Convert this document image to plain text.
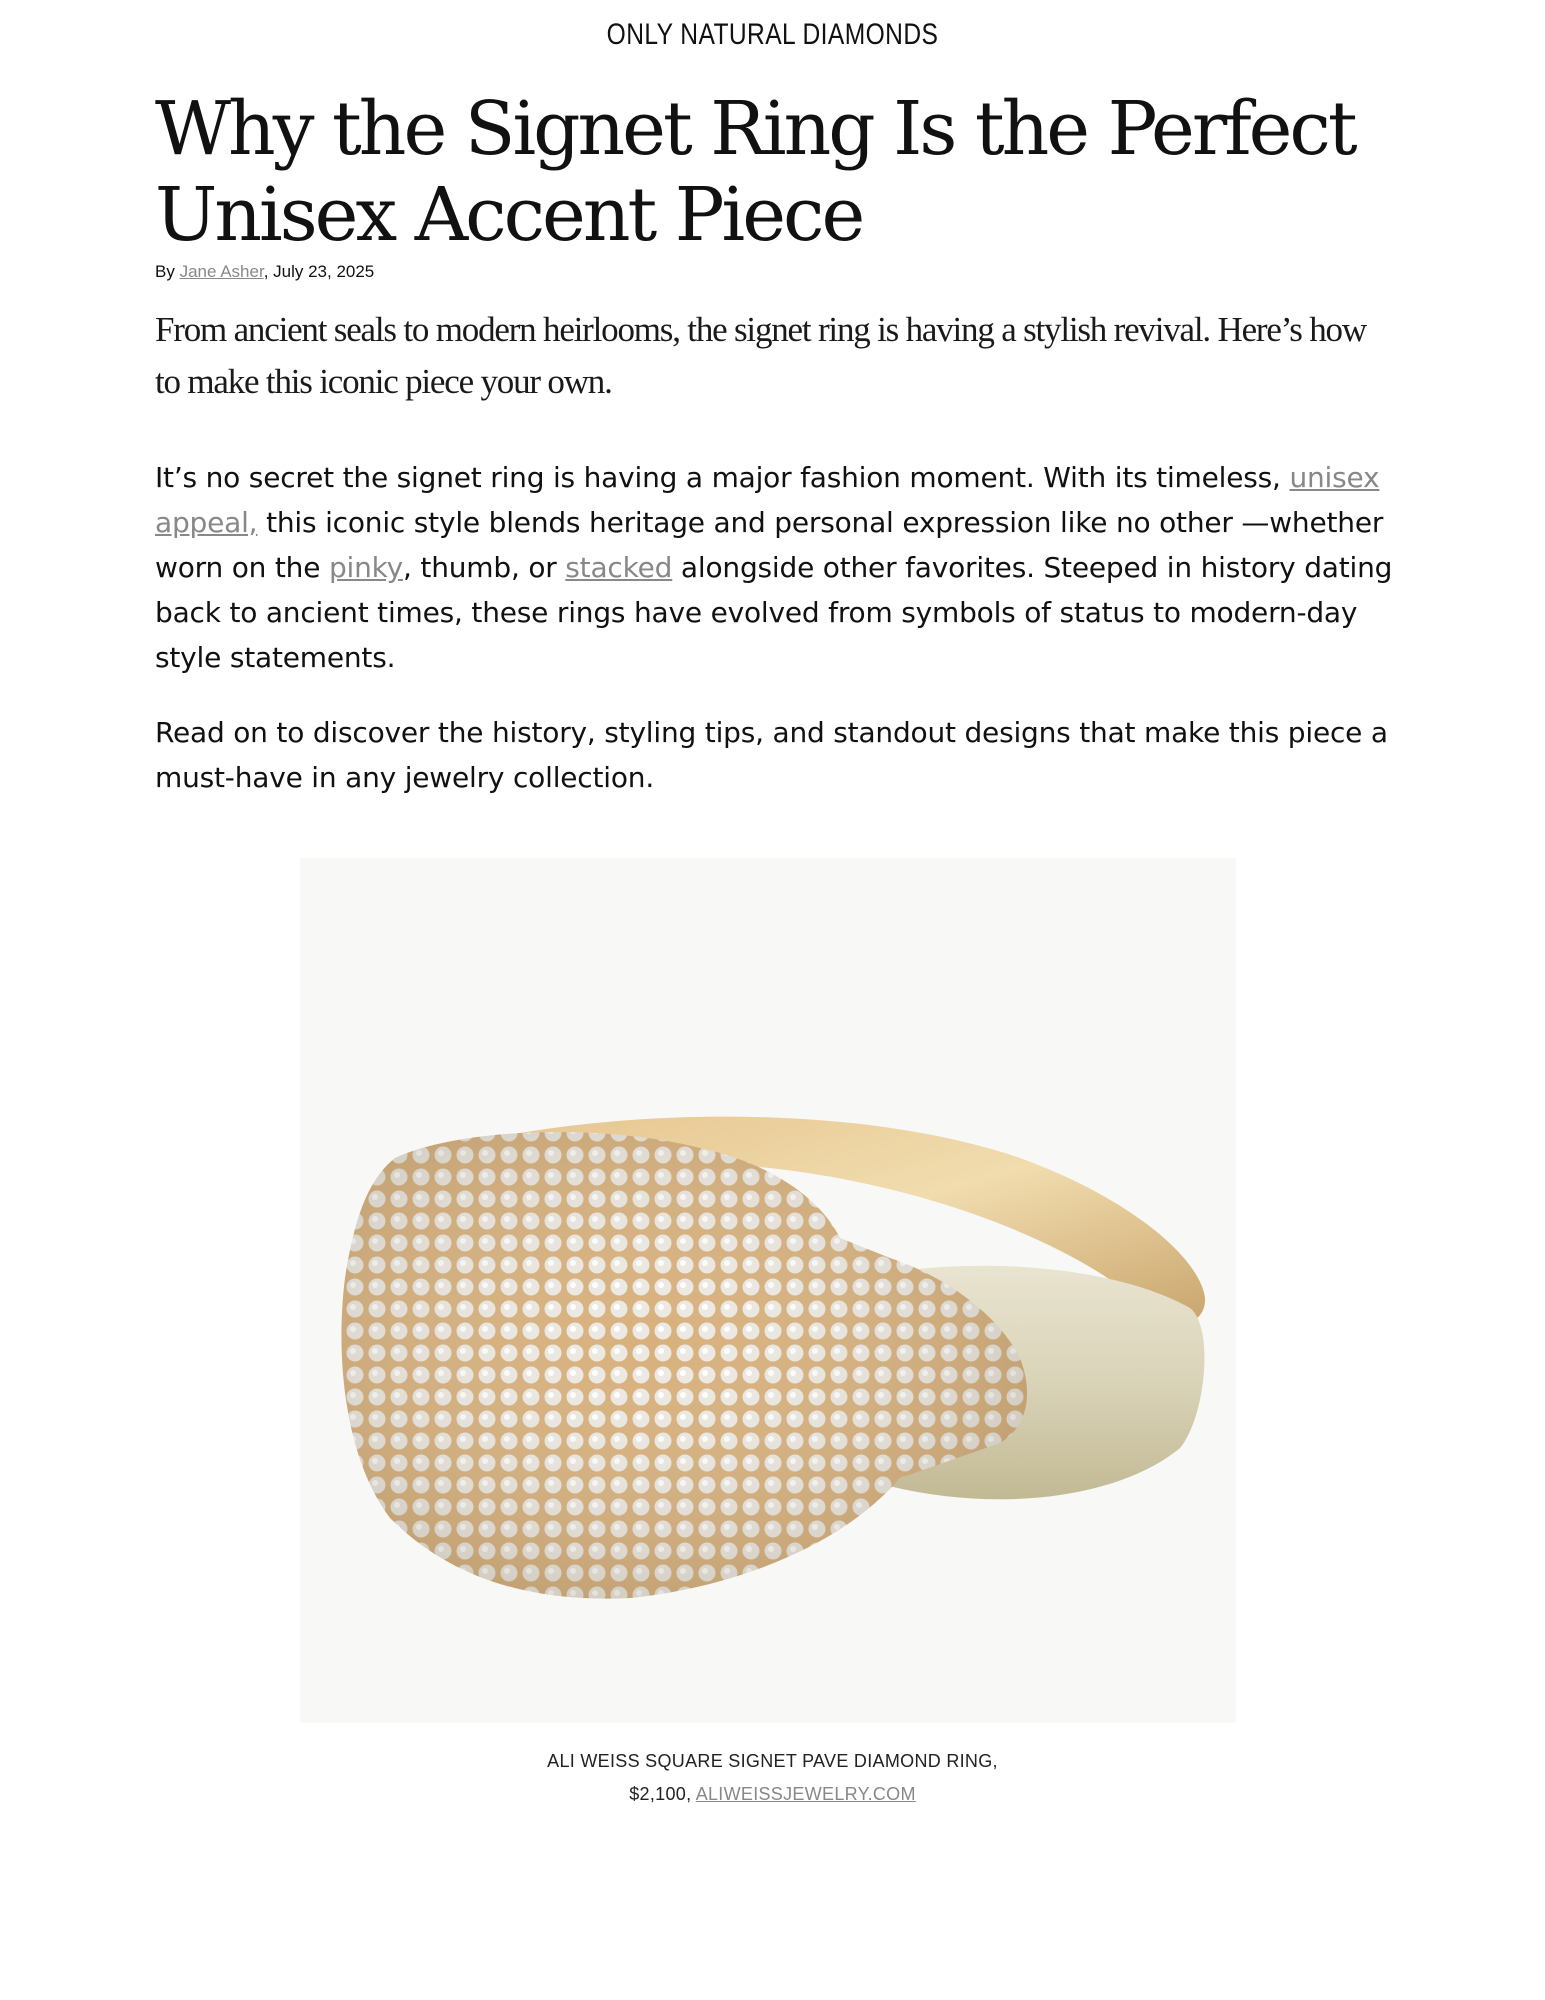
ONLY NATURAL DIAMONDS
Why the Signet Ring Is the Perfect Unisex Accent Piece
By Jane Asher, July 23, 2025

From ancient seals to modern heirlooms, the signet ring is having a stylish revival. Here’s how to make this iconic piece your own.

It’s no secret the signet ring is having a major fashion moment. With its timeless, unisex appeal, this iconic style blends heritage and personal expression like no other —whether worn on the pinky, thumb, or stacked alongside other favorites. Steeped in history dating back to ancient times, these rings have evolved from symbols of status to modern-day style statements.

Read on to discover the history, styling tips, and standout designs that make this piece a must-have in any jewelry collection.

ALI WEISS SQUARE SIGNET PAVE DIAMOND RING,
$2,100, ALIWEISSJEWELRY.COM
